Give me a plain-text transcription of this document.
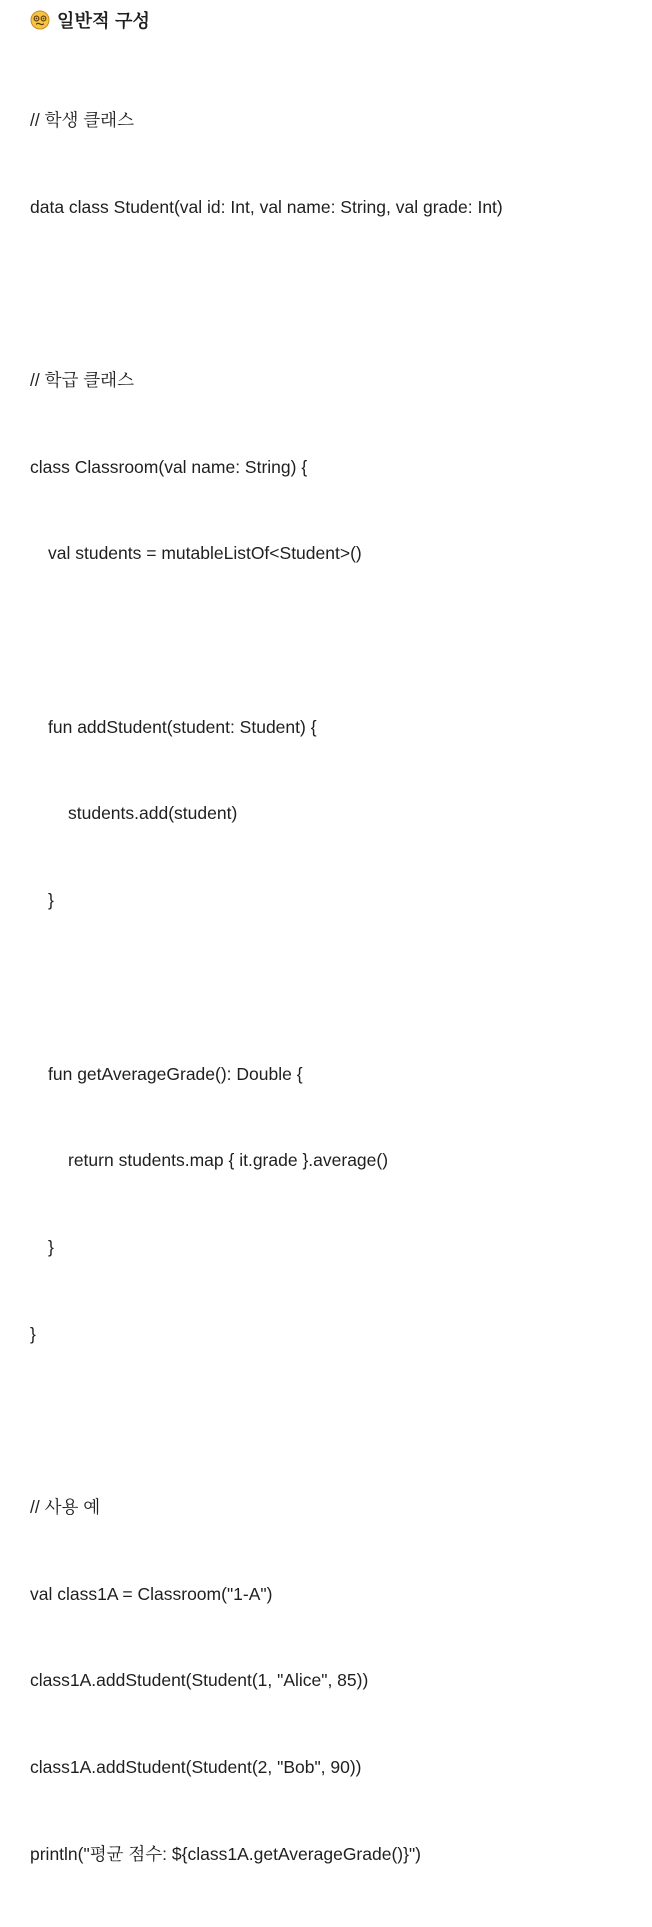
일반적 구성

// 학생 클래스

data class Student(val id: Int, val name: String, val grade: Int)

// 학급 클래스

class Classroom(val name: String) {

val students = mutableListOf<Student>()

fun addStudent(student: Student) {

students.add(student)

}

fun getAverageGrade(): Double {

return students.map { it.grade }.average()

}

}

// 사용 예

val class1A = Classroom("1-A")

class1A.addStudent(Student(1, "Alice", 85))

class1A.addStudent(Student(2, "Bob", 90))

println("평균 점수: ${class1A.getAverageGrade()}")
